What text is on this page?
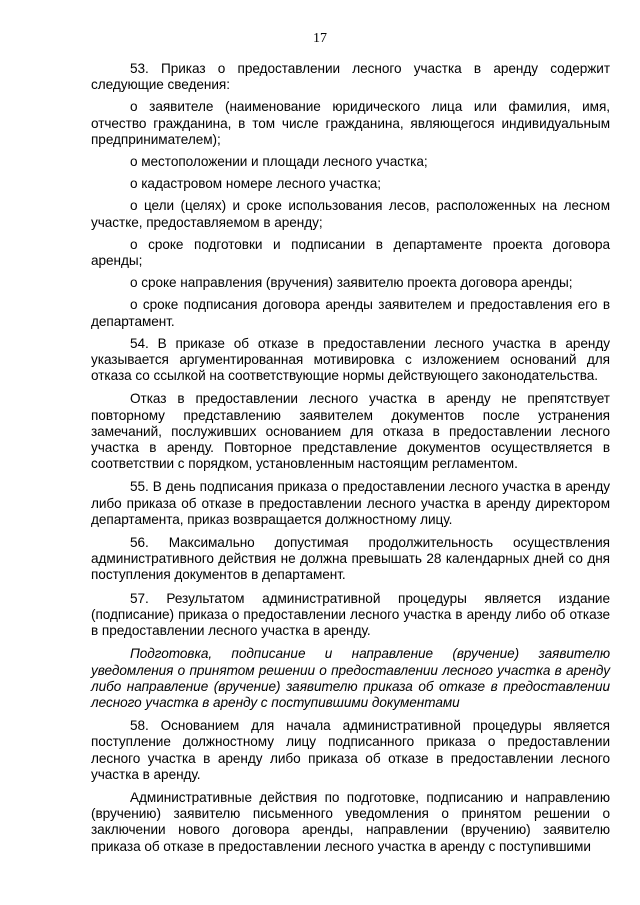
17

53. Приказ о предоставлении лесного участка в аренду содержит следующие сведения:

о заявителе (наименование юридического лица или фамилия, имя, отчество гражданина, в том числе гражданина, являющегося индивидуальным предпринимателем);

о местоположении и площади лесного участка;

о кадастровом номере лесного участка;

о цели (целях) и сроке использования лесов, расположенных на лесном участке, предоставляемом в аренду;

о сроке подготовки и подписании в департаменте проекта договора аренды;

о сроке направления (вручения) заявителю проекта договора аренды;

о сроке подписания договора аренды заявителем и предоставления его в департамент.

54. В приказе об отказе в предоставлении лесного участка в аренду указывается аргументированная мотивировка с изложением оснований для отказа со ссылкой на соответствующие нормы действующего законодательства.

Отказ в предоставлении лесного участка в аренду не препятствует повторному представлению заявителем документов после устранения замечаний, послуживших основанием для отказа в предоставлении лесного участка в аренду. Повторное представление документов осуществляется в соответствии с порядком, установленным настоящим регламентом.

55. В день подписания приказа о предоставлении лесного участка в аренду либо приказа об отказе в предоставлении лесного участка в аренду директором департамента, приказ возвращается должностному лицу.

56. Максимально допустимая продолжительность осуществления административного действия не должна превышать 28 календарных дней со дня поступления документов в департамент.

57. Результатом административной процедуры является издание (подписание) приказа о предоставлении лесного участка в аренду либо об отказе в предоставлении лесного участка в аренду.

Подготовка, подписание и направление (вручение) заявителю уведомления о принятом решении о предоставлении лесного участка в аренду либо направление (вручение) заявителю приказа об отказе в предоставлении лесного участка в аренду с поступившими документами

58. Основанием для начала административной процедуры является поступление должностному лицу подписанного приказа о предоставлении лесного участка в аренду либо приказа об отказе в предоставлении лесного участка в аренду.

Административные действия по подготовке, подписанию и направлению (вручению) заявителю письменного уведомления о принятом решении о заключении нового договора аренды, направлении (вручению) заявителю приказа об отказе в предоставлении лесного участка в аренду с поступившими
